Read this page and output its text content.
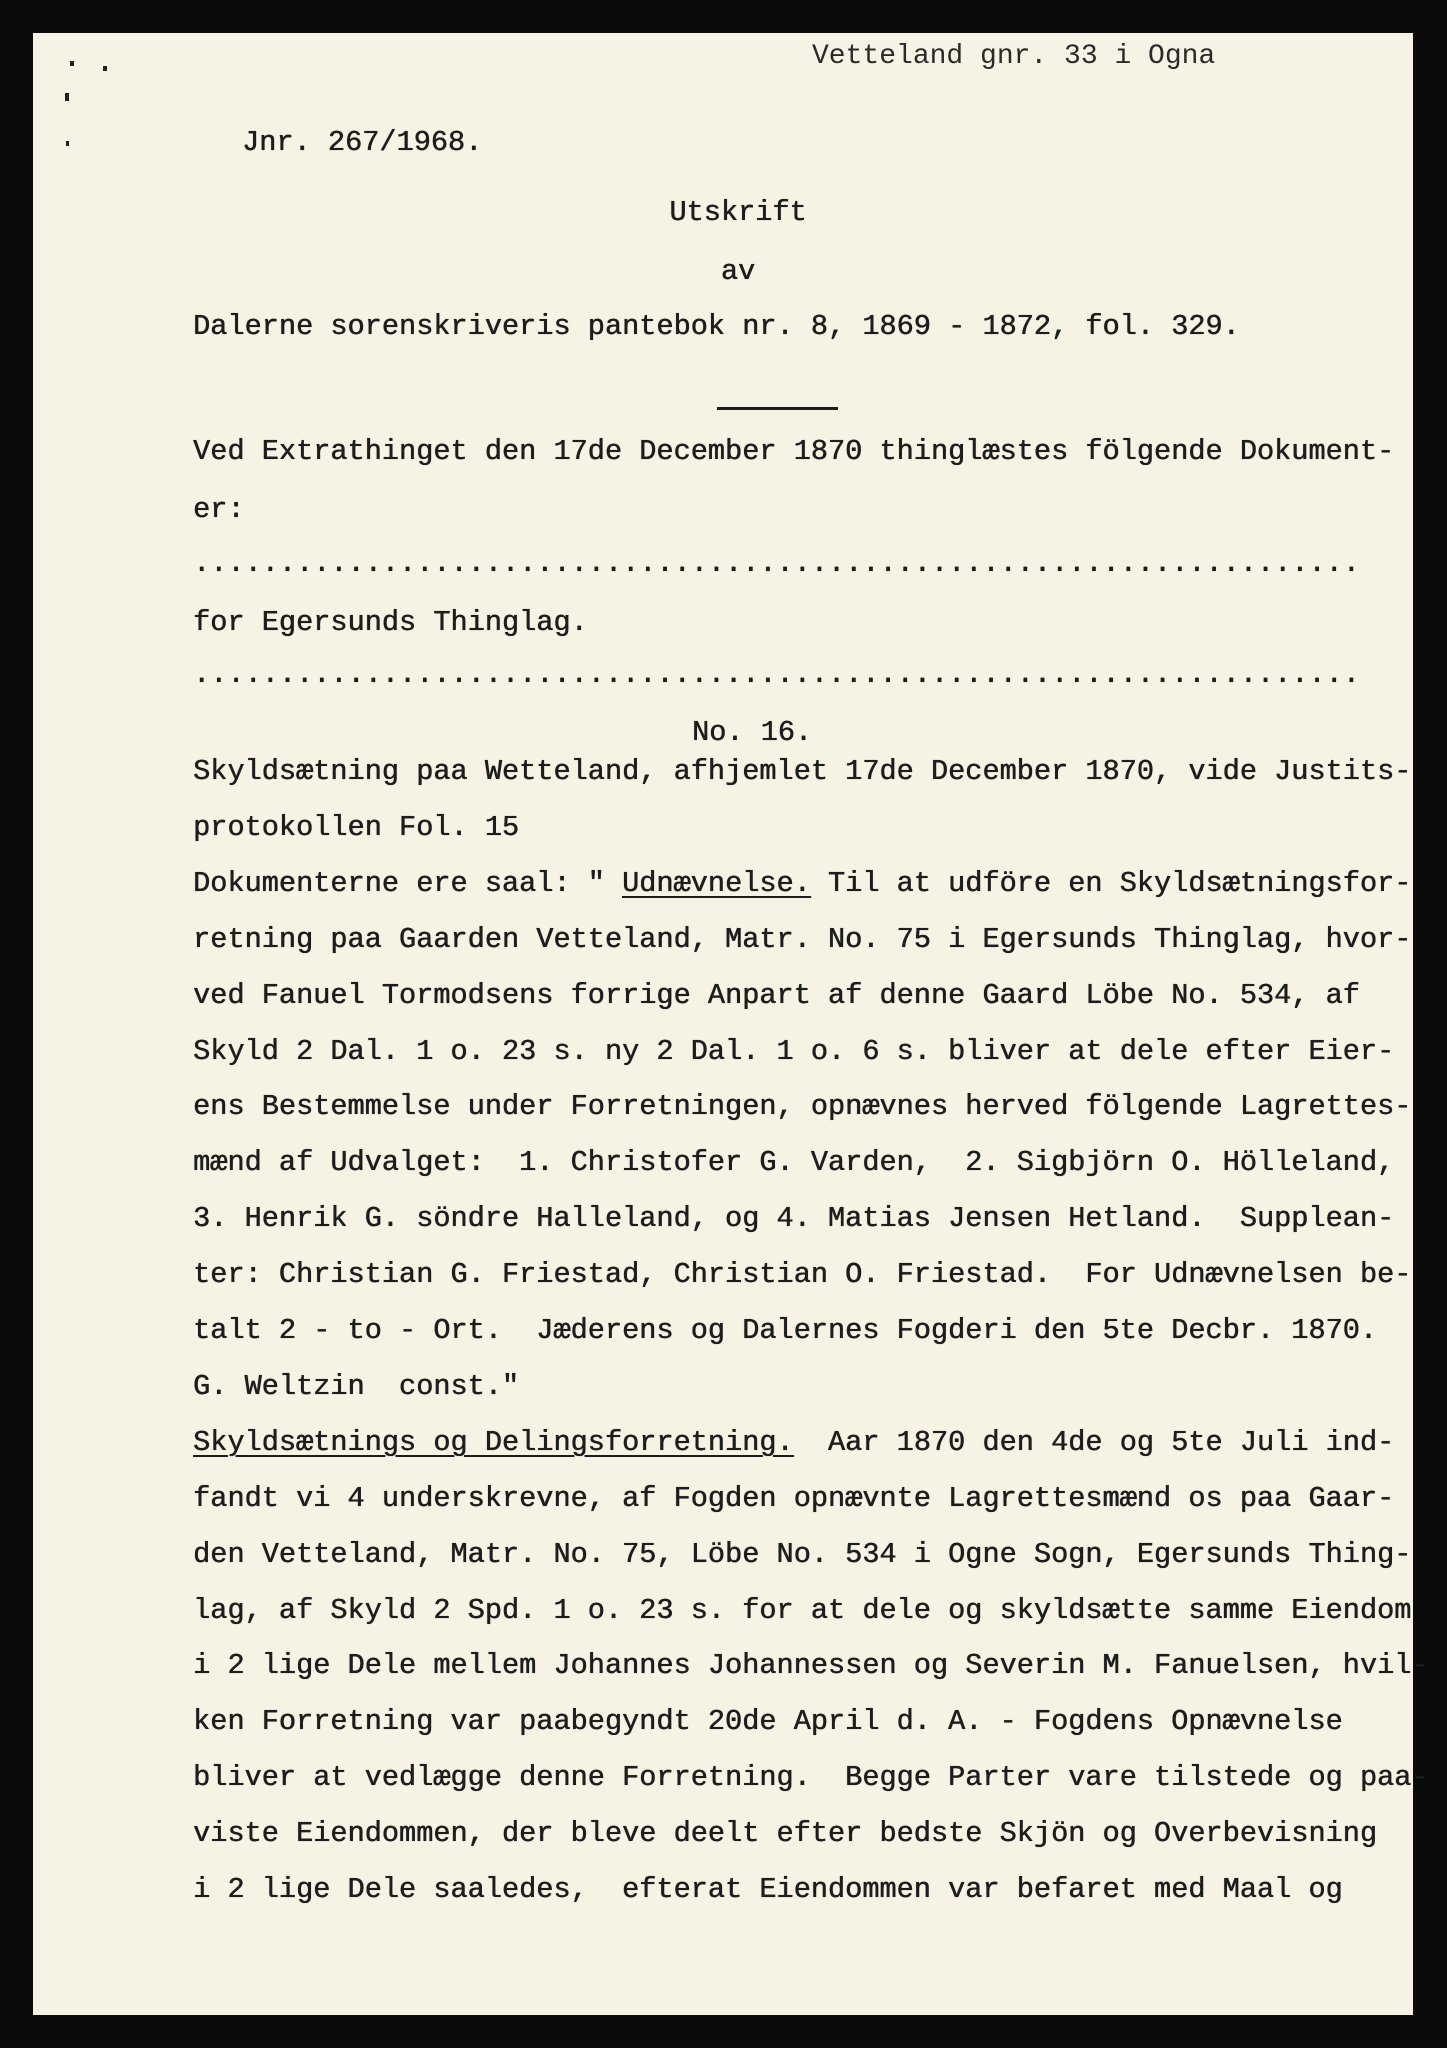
Vetteland gnr. 33 i Ogna
Jnr. 267/1968.
Utskrift
av
Dalerne sorenskriveris pantebok nr. 8, 1869 - 1872, fol. 329.
Ved Extrathinget den 17de December 1870 thinglæstes fölgende Dokument-
er:
....................................................................
for Egersunds Thinglag.
....................................................................
No. 16.
Skyldsætning paa Wetteland, afhjemlet 17de December 1870, vide Justits-
protokollen Fol. 15
Dokumenterne ere saal: " Udnævnelse. Til at udföre en Skyldsætningsfor-
retning paa Gaarden Vetteland, Matr. No. 75 i Egersunds Thinglag, hvor-
ved Fanuel Tormodsens forrige Anpart af denne Gaard Löbe No. 534, af
Skyld 2 Dal. 1 o. 23 s. ny 2 Dal. 1 o. 6 s. bliver at dele efter Eier-
ens Bestemmelse under Forretningen, opnævnes herved fölgende Lagrettes-
mænd af Udvalget:  1. Christofer G. Varden,  2. Sigbjörn O. Hölleland,
3. Henrik G. söndre Halleland, og 4. Matias Jensen Hetland.  Supplean-
ter: Christian G. Friestad, Christian O. Friestad.  For Udnævnelsen be-
talt 2 - to - Ort.  Jæderens og Dalernes Fogderi den 5te Decbr. 1870.
G. Weltzin  const."
Skyldsætnings og Delingsforretning.  Aar 1870 den 4de og 5te Juli ind-
fandt vi 4 underskrevne, af Fogden opnævnte Lagrettesmænd os paa Gaar-
den Vetteland, Matr. No. 75, Löbe No. 534 i Ogne Sogn, Egersunds Thing-
lag, af Skyld 2 Spd. 1 o. 23 s. for at dele og skyldsætte samme Eiendom
i 2 lige Dele mellem Johannes Johannessen og Severin M. Fanuelsen, hvil-
ken Forretning var paabegyndt 20de April d. A. - Fogdens Opnævnelse
bliver at vedlægge denne Forretning.  Begge Parter vare tilstede og paa-
viste Eiendommen, der bleve deelt efter bedste Skjön og Overbevisning
i 2 lige Dele saaledes,  efterat Eiendommen var befaret med Maal og
